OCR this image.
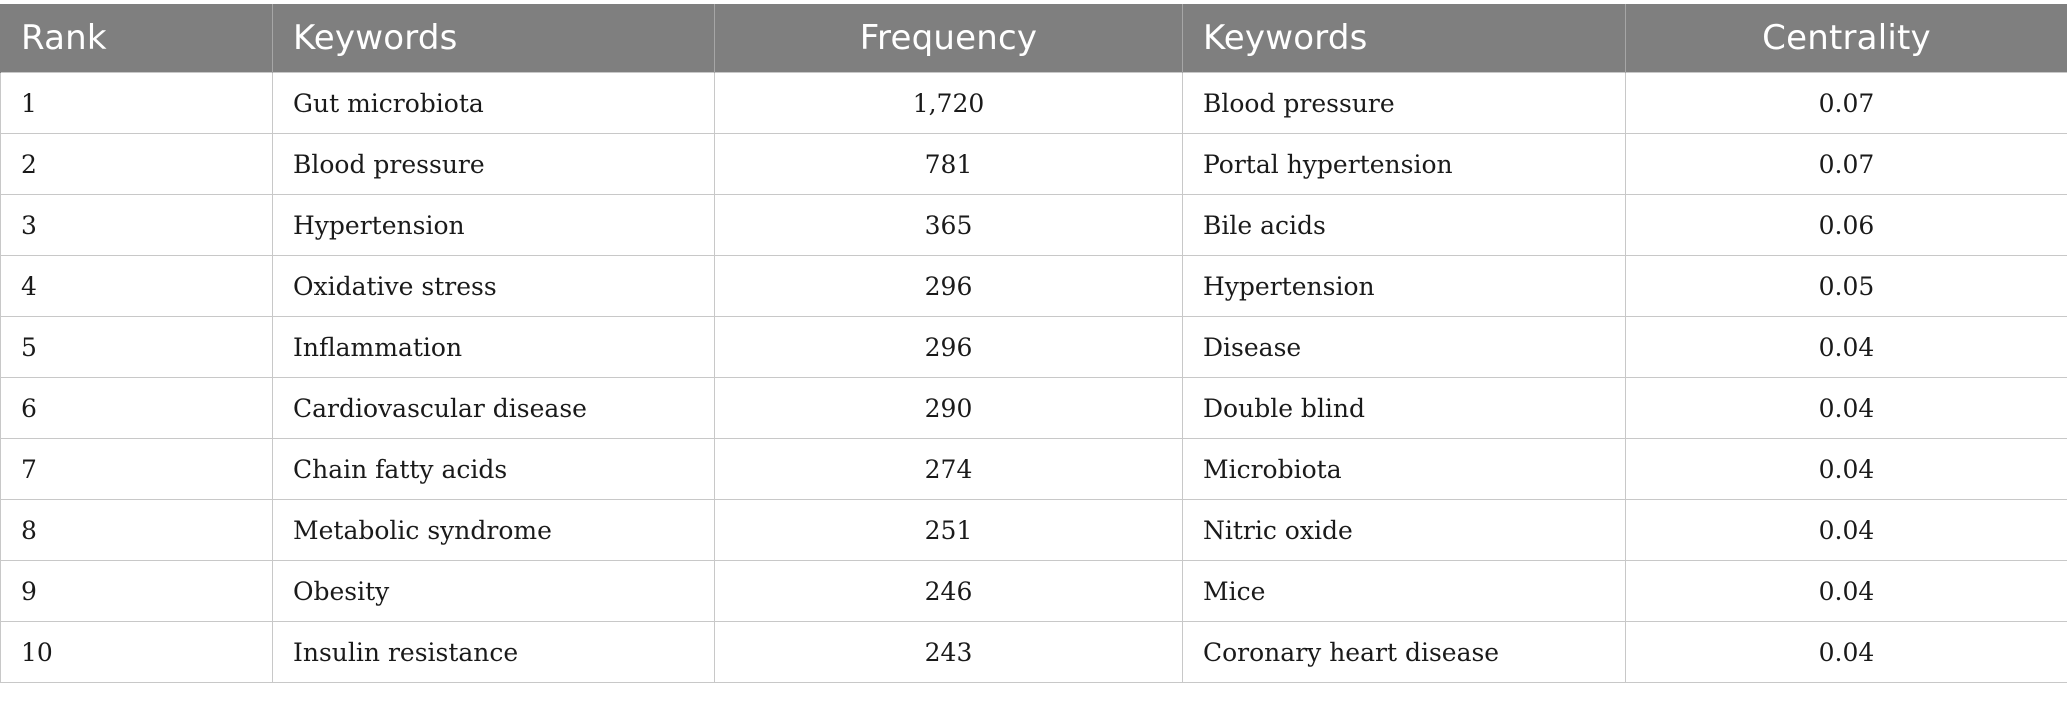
Rank	Keywords	Frequency	Keywords	Centrality
1	Gut microbiota	1,720	Blood pressure	0.07
2	Blood pressure	781	Portal hypertension	0.07
3	Hypertension	365	Bile acids	0.06
4	Oxidative stress	296	Hypertension	0.05
5	Inflammation	296	Disease	0.04
6	Cardiovascular disease	290	Double blind	0.04
7	Chain fatty acids	274	Microbiota	0.04
8	Metabolic syndrome	251	Nitric oxide	0.04
9	Obesity	246	Mice	0.04
10	Insulin resistance	243	Coronary heart disease	0.04
